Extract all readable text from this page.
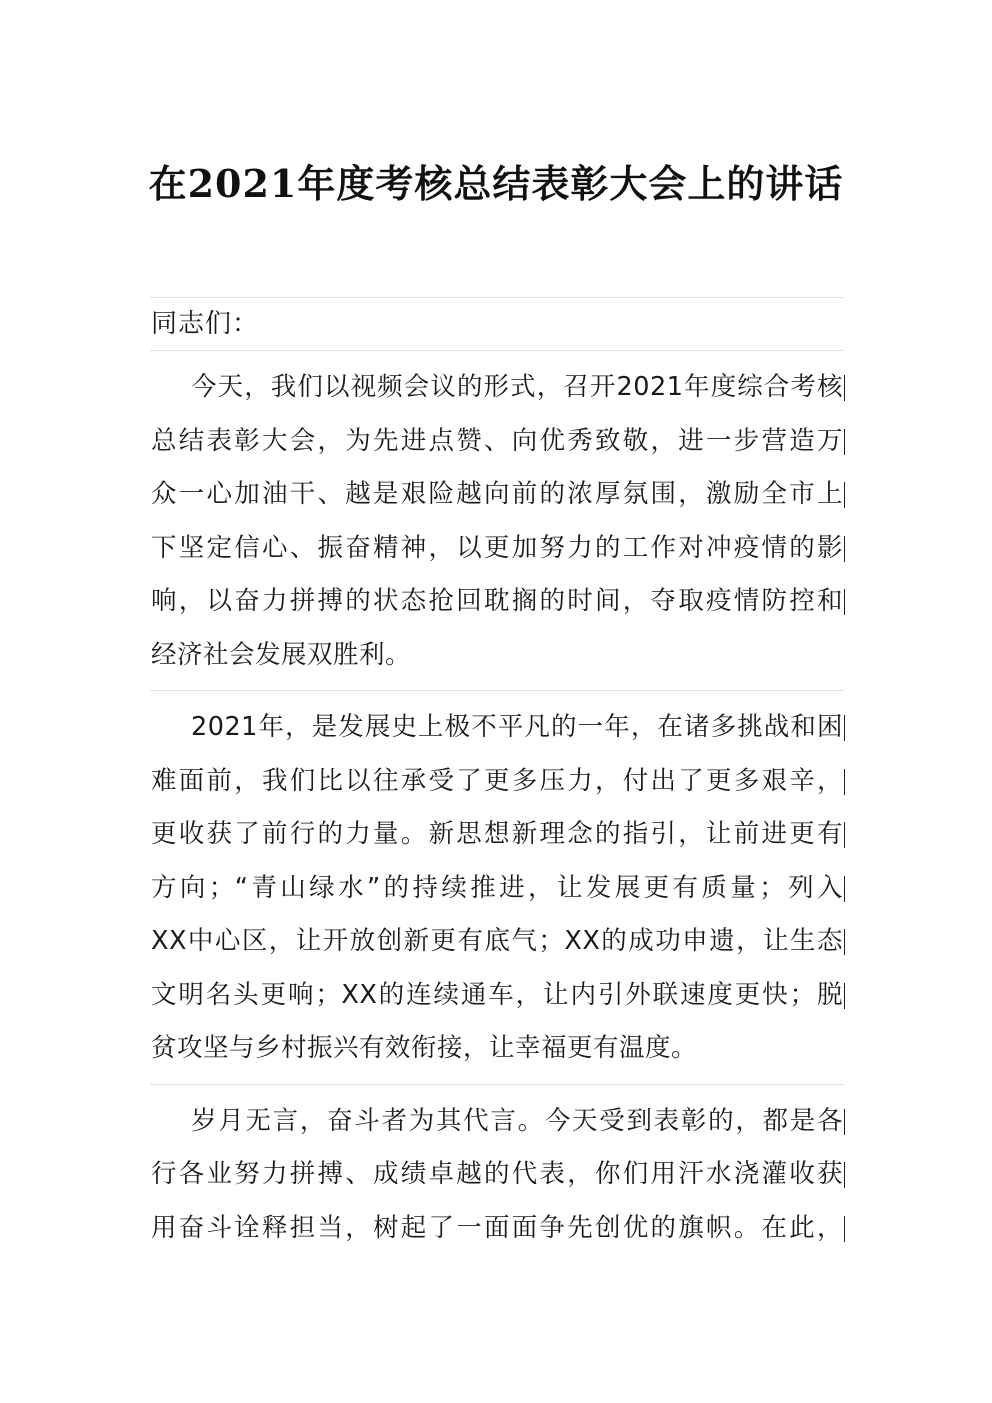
在2021年度考核总结表彰大会上的讲话
同志们：
今天，我们以视频会议的形式，召开2021年度综合考核
总结表彰大会，为先进点赞、向优秀致敬，进一步营造万
众一心加油干、越是艰险越向前的浓厚氛围，激励全市上
下坚定信心、振奋精神，以更加努力的工作对冲疫情的影
响，以奋力拼搏的状态抢回耽搁的时间，夺取疫情防控和
经济社会发展双胜利。
2021年，是发展史上极不平凡的一年，在诸多挑战和困
难面前，我们比以往承受了更多压力，付出了更多艰辛，
更收获了前行的力量。新思想新理念的指引，让前进更有
方向；“青山绿水”的持续推进，让发展更有质量；列入
XX中心区，让开放创新更有底气；XX的成功申遗，让生态
文明名头更响；XX的连续通车，让内引外联速度更快；脱
贫攻坚与乡村振兴有效衔接，让幸福更有温度。
岁月无言，奋斗者为其代言。今天受到表彰的，都是各
行各业努力拼搏、成绩卓越的代表，你们用汗水浇灌收获
用奋斗诠释担当，树起了一面面争先创优的旗帜。在此，
